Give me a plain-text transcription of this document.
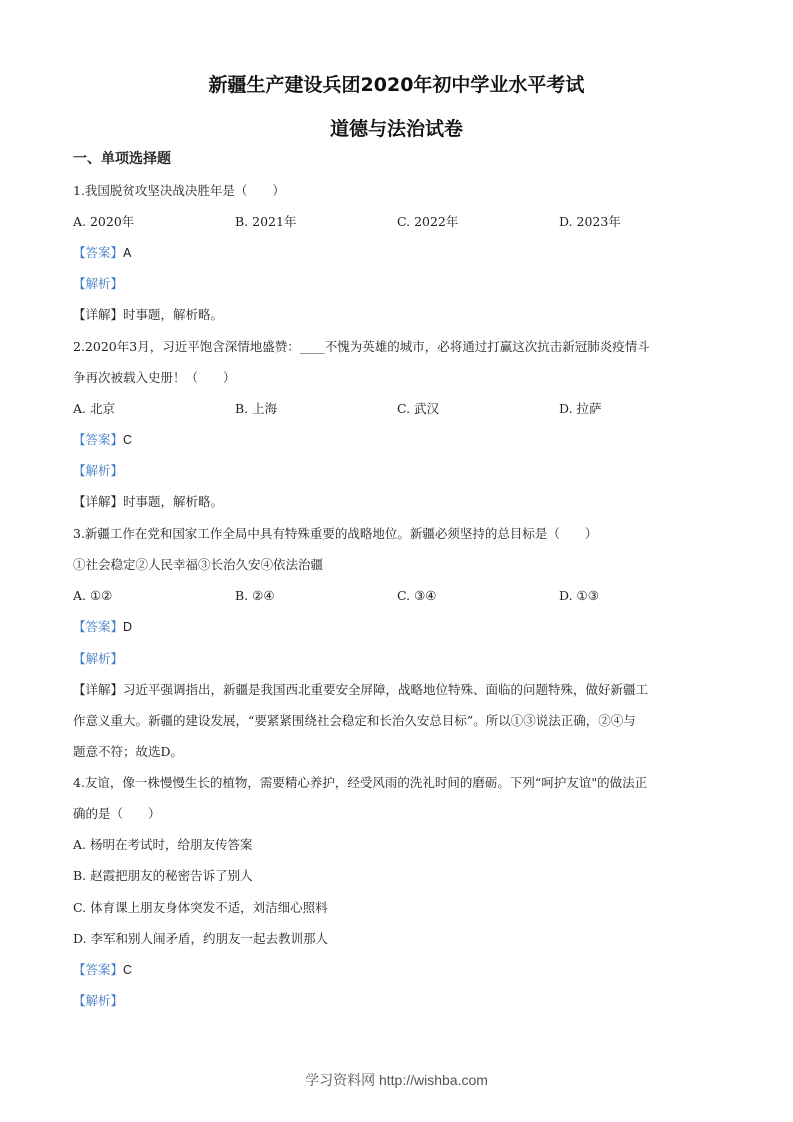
新疆生产建设兵团2020年初中学业水平考试
道德与法治试卷
一、单项选择题
1.我国脱贫攻坚决战决胜年是（　　）
A. 2020年	B. 2021年	C. 2022年	D. 2023年
【答案】A
【解析】
【详解】时事题，解析略。
2.2020年3月，习近平饱含深情地盛赞：____不愧为英雄的城市，必将通过打赢这次抗击新冠肺炎疫情斗
争再次被载入史册！（　　）
A. 北京	B. 上海	C. 武汉	D. 拉萨
【答案】C
【解析】
【详解】时事题，解析略。
3.新疆工作在党和国家工作全局中具有特殊重要的战略地位。新疆必须坚持的总目标是（　　）
①社会稳定②人民幸福③长治久安④依法治疆
A. ①②	B. ②④	C. ③④	D. ①③
【答案】D
【解析】
【详解】习近平强调指出，新疆是我国西北重要安全屏障，战略地位特殊、面临的问题特殊，做好新疆工
作意义重大。新疆的建设发展，“要紧紧围绕社会稳定和长治久安总目标”。所以①③说法正确，②④与
题意不符；故选D。
4.友谊，像一株慢慢生长的植物，需要精心养护，经受风雨的洗礼时间的磨砺。下列“呵护友谊"的做法正
确的是（　　）
A. 杨明在考试时，给朋友传答案
B. 赵霞把朋友的秘密告诉了别人
C. 体育课上朋友身体突发不适，刘洁细心照料
D. 李军和别人闹矛盾，约朋友一起去教训那人
【答案】C
【解析】
学习资料网 http://wishba.com
